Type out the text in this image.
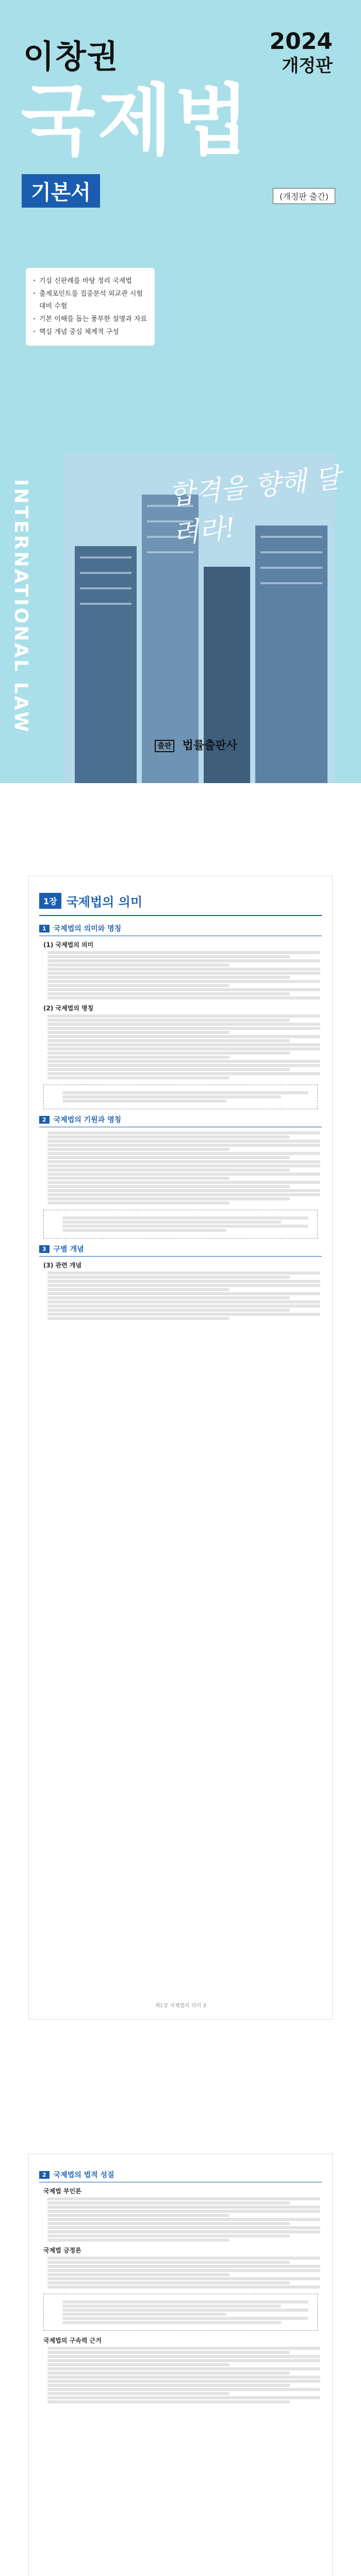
이창권	2024
개정판
국제법
기본서	(개정판 출간)
· 기심 신판례를 바탕 정리 국제법
· 출제포인트를 집중분석 외교관 시험 대비 수험
· 기본 이해를 돕는 풍부한 설명과 자료
· 핵심 개념 중심 체계적 구성
INTERNATIONAL LAW	합격을 향해 달려라!
출판 법률출판사
1장 국제법의 의미
1	국제법의 의미와 명칭
(1) 국제법의 의미
(2) 국제법의 명칭
2	국제법의 기원과 명칭
3	구별 개념
(3) 관련 개념
제1장 국제법의 의미 3
2	국제법의 법적 성질
국제법 부인론
국제법 긍정론
국제법의 구속력 근거
